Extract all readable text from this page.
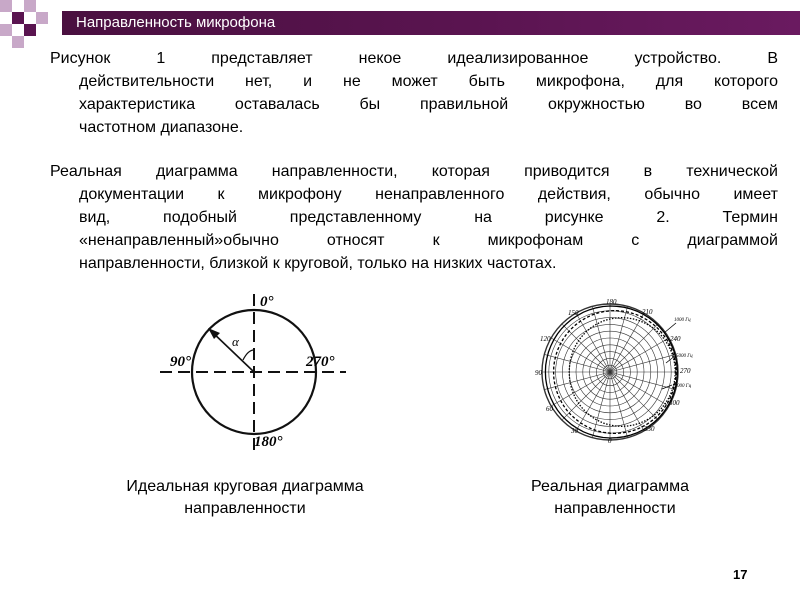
Направленность микрофона
Рисунок 1 представляет некое идеализированное устройство. В
действительности нет, и не может быть микрофона, для которого
характеристика оставалась бы правильной окружностью во всем
частотном диапазоне.
Реальная диаграмма направленности, которая приводится в технической
документации к микрофону ненаправленного действия, обычно имеет
вид, подобный представленному на рисунке 2. Термин
«ненаправленный»обычно относят к микрофонам с диаграммой
направленности, близкой к круговой, только на низких частотах.
α
0°
90°	270°
180°
180
210
240
270
300
330
0
30
60
90
120
150
1000 Гц
5000 Гц
10000 Гц
Идеальная круговая диаграмма
направленности
Реальная диаграмма
направленности
17
